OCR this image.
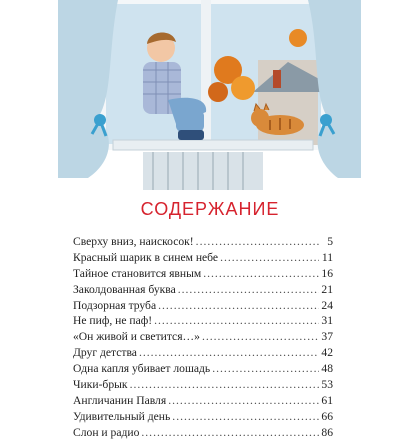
СОДЕРЖАНИЕ
Сверху вниз, наискосок! .....	5
Красный шарик в синем небе .....	11
Тайное становится явным .....	16
Заколдованная буква .....	21
Подзорная труба .....	24
Не пиф, не паф! .....	31
«Он живой и светится…» .....	37
Друг детства .....	42
Одна капля убивает лошадь .....	48
Чики-брык .....	53
Англичанин Павля .....	61
Удивительный день .....	66
Слон и радио .....	86
